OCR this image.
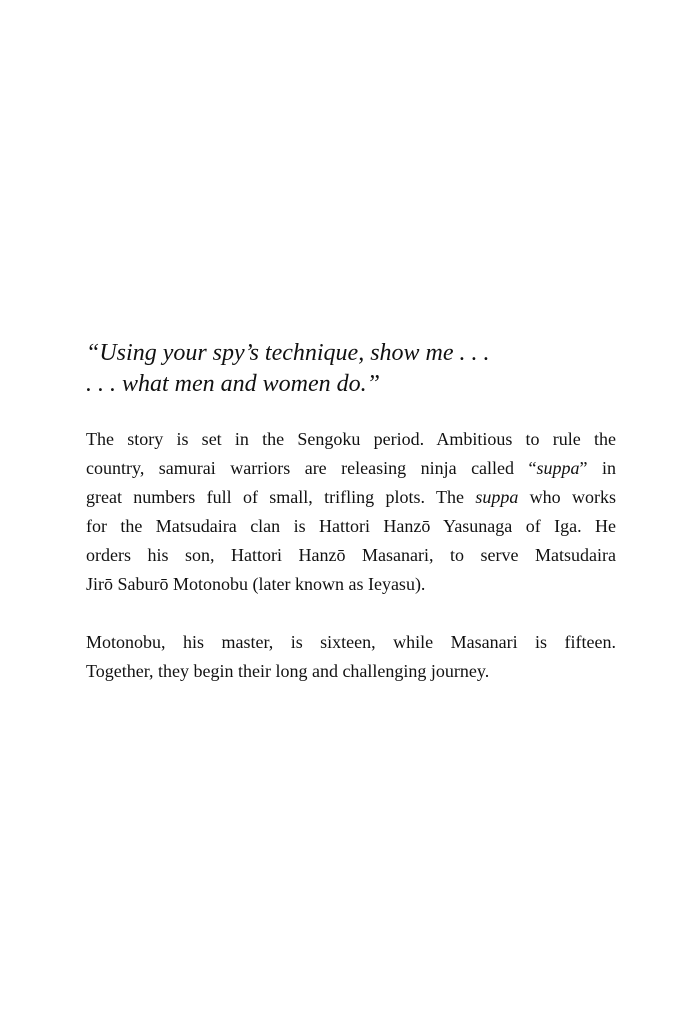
“Using your spy’s technique, show me . . .
. . . what men and women do.”

The story is set in the Sengoku period. Ambitious to rule the
country, samurai warriors are releasing ninja called “suppa” in
great numbers full of small, trifling plots. The suppa who works
for the Matsudaira clan is Hattori Hanzō Yasunaga of Iga. He
orders his son, Hattori Hanzō Masanari, to serve Matsudaira
Jirō Saburō Motonobu (later known as Ieyasu).

Motonobu, his master, is sixteen, while Masanari is fifteen.
Together, they begin their long and challenging journey.
